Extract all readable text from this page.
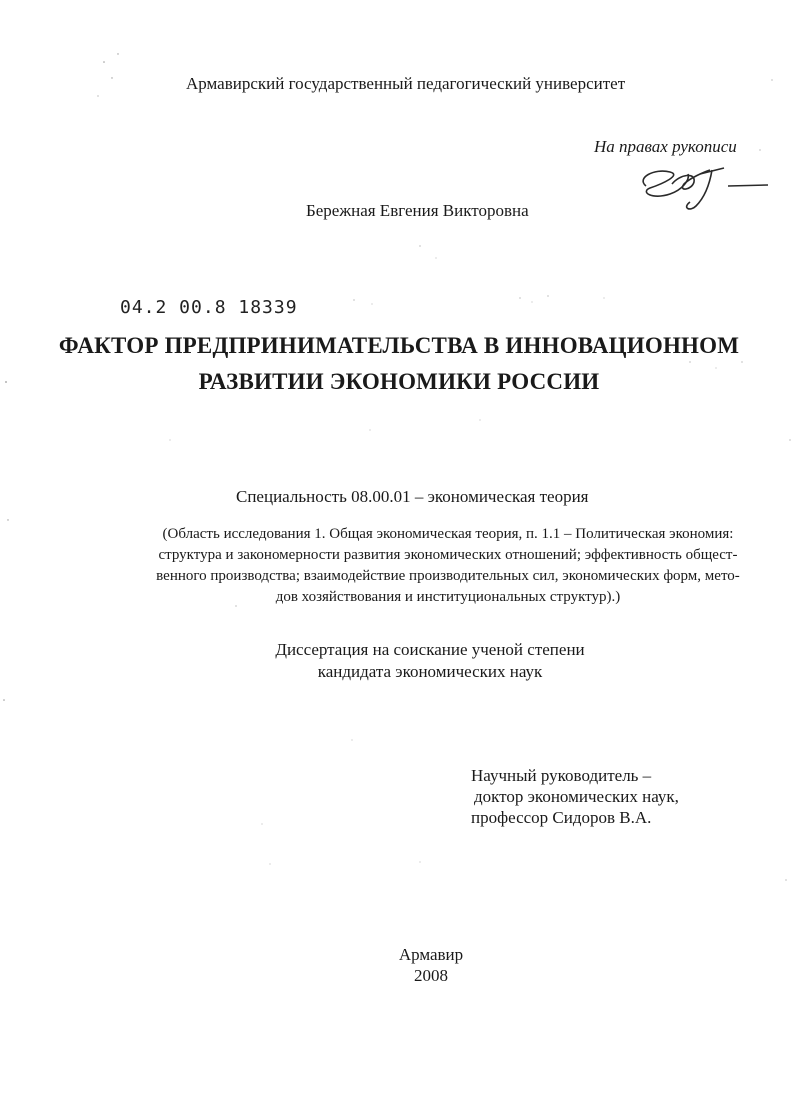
Армавирский государственный педагогический университет
На правах рукописи
Бережная Евгения Викторовна
04.2 00.8 18339
ФАКТОР ПРЕДПРИНИМАТЕЛЬСТВА В ИННОВАЦИОННОМ
РАЗВИТИИ ЭКОНОМИКИ РОССИИ
Специальность 08.00.01 – экономическая теория
(Область исследования 1. Общая экономическая теория, п. 1.1 – Политическая экономия:
структура и закономерности развития экономических отношений; эффективность общест-
венного производства; взаимодействие производительных сил, экономических форм, мето-
дов хозяйствования и институциональных структур).)
Диссертация на соискание ученой степени
кандидата экономических наук
Научный руководитель –
доктор экономических наук,
профессор Сидоров В.А.
Армавир
2008
